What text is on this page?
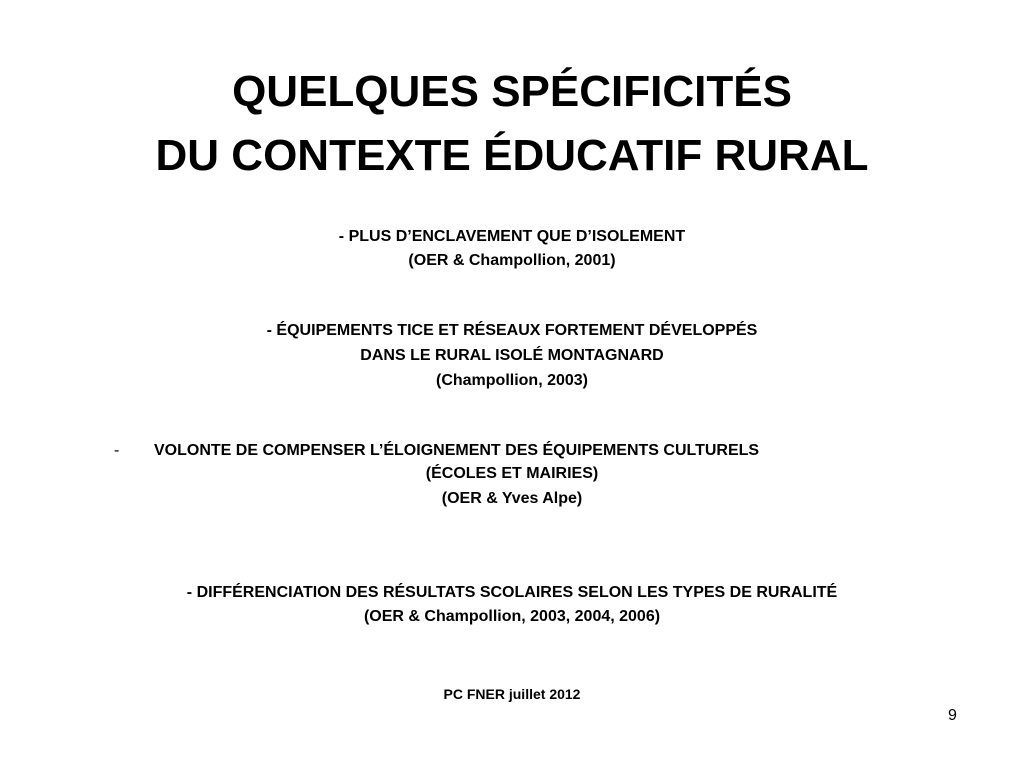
QUELQUES SPÉCIFICITÉS
DU CONTEXTE ÉDUCATIF RURAL
- PLUS D’ENCLAVEMENT QUE D’ISOLEMENT
(OER & Champollion, 2001)
- ÉQUIPEMENTS TICE ET RÉSEAUX FORTEMENT DÉVELOPPÉS
DANS LE RURAL ISOLÉ MONTAGNARD
(Champollion, 2003)
- VOLONTE DE COMPENSER L’ÉLOIGNEMENT DES ÉQUIPEMENTS CULTURELS
(ÉCOLES ET MAIRIES)
(OER & Yves Alpe)
- DIFFÉRENCIATION DES RÉSULTATS SCOLAIRES SELON LES TYPES DE RURALITÉ
(OER & Champollion, 2003, 2004, 2006)
PC FNER juillet 2012
9
